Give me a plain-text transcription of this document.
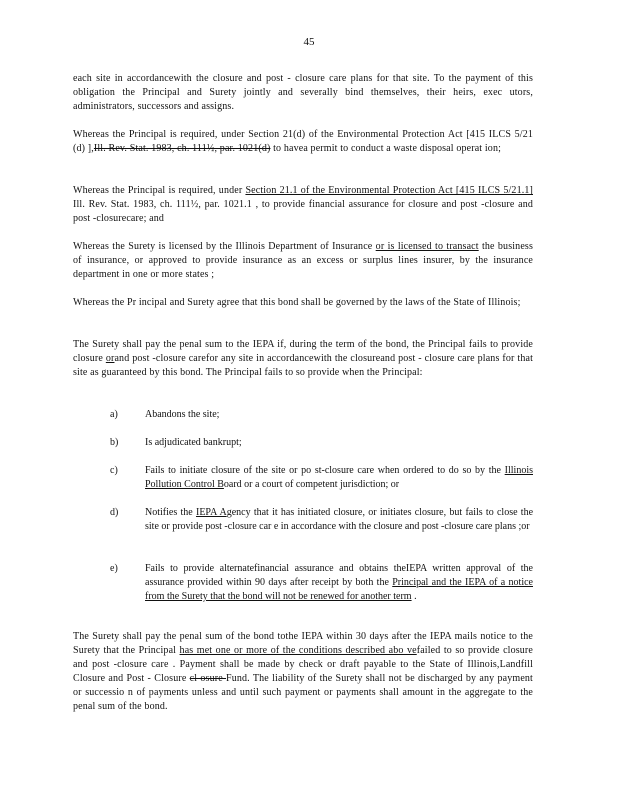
45
each site in accordancewith the closure and post - closure care plans for that site. To the payment of this obligation the Principal and Surety jointly and severally bind themselves, their heirs, exec utors, administrators, successors and assigns.
Whereas the Principal is required, under Section 21(d) of the Environmental Protection Act [415 ILCS 5/21 (d) ],Ill. Rev. Stat. 1983, ch. 111½, par. 1021(d) to havea permit to conduct a waste disposal operat ion;
Whereas the Principal is required, under Section 21.1 of the Environmental Protection Act [415 ILCS 5/21.1] Ill. Rev. Stat. 1983, ch. 111½, par. 1021.1 , to provide financial assurance for closure and post -closure and post -closurecare; and
Whereas the Surety is licensed by the Illinois Department of Insurance or is licensed to transact the business of insurance, or approved to provide insurance as an excess or surplus lines insurer, by the insurance department in one or more states ;
Whereas the Pr incipal and Surety agree that this bond shall be governed by the laws of the State of Illinois;
The Surety shall pay the penal sum to the IEPA if, during the term of the bond, the Principal fails to provide closure orand post -closure carefor any site in accordancewith the closureand post - closure care plans for that site as guaranteed by this bond. The Principal fails to so provide when the Principal:
a)	Abandons the site;
b)	Is adjudicated bankrupt;
c)	Fails to initiate closure of the site or po st-closure care when ordered to do so by the Illinois Pollution Control Board or a court of competent jurisdiction; or
d)	Notifies the IEPA Agency that it has initiated closure, or initiates closure, but fails to close the site or provide post -closure car e in accordance with the closure and post -closure care plans ;or
e)	Fails to provide alternatefinancial assurance and obtains theIEPA written approval of the assurance provided within 90 days after receipt by both the Principal and the IEPA of a notice from the Surety that the bond will not be renewed for another term .
The Surety shall pay the penal sum of the bond tothe IEPA within 30 days after the IEPA mails notice to the Surety that the Principal has met one or more of the conditions described abo vefailed to so provide closure and post -closure care . Payment shall be made by check or draft payable to the State of Illinois,Landfill Closure and Post - Closure cl osure Fund. The liability of the Surety shall not be discharged by any payment or successio n of payments unless and until such payment or payments shall amount in the aggregate to the penal sum of the bond.
